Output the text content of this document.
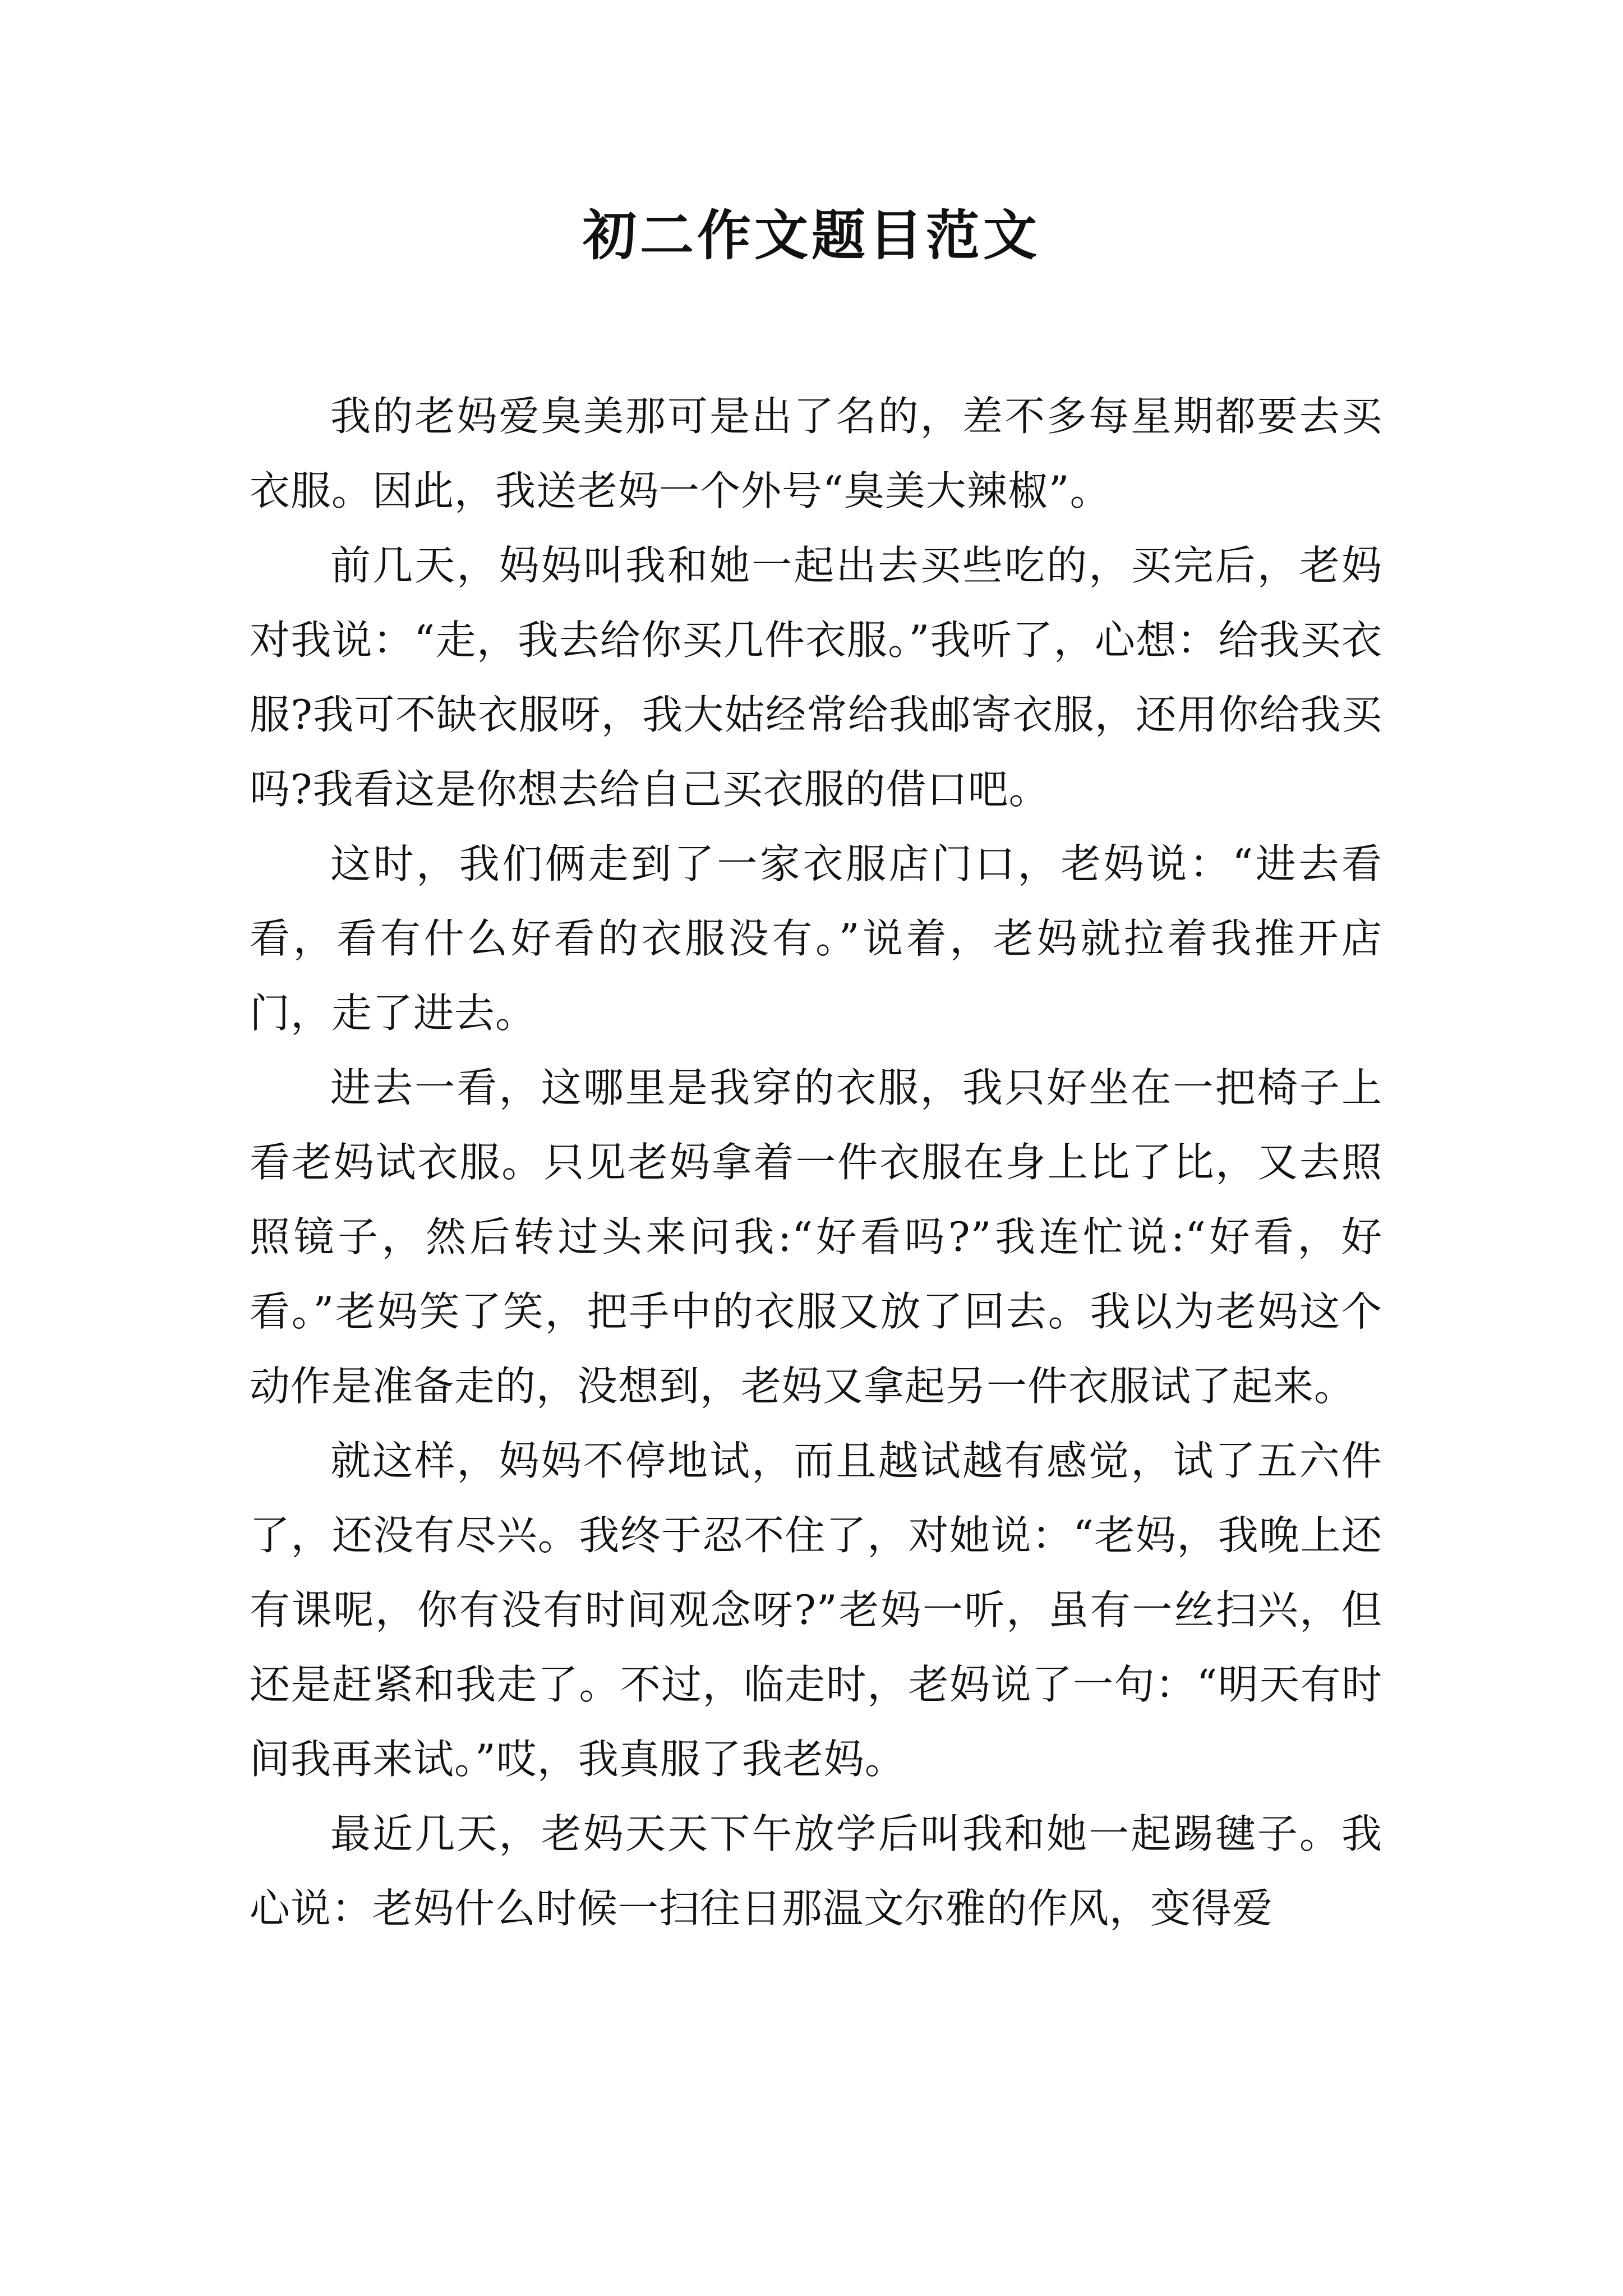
初二作文题目范文

我的老妈爱臭美那可是出了名的，差不多每星期都要去买衣服。因此，我送老妈一个外号“臭美大辣椒”。

前几天，妈妈叫我和她一起出去买些吃的，买完后，老妈对我说：“走，我去给你买几件衣服。”我听了，心想：给我买衣服?我可不缺衣服呀，我大姑经常给我邮寄衣服，还用你给我买吗?我看这是你想去给自己买衣服的借口吧。

这时，我们俩走到了一家衣服店门口，老妈说：“进去看看，看有什么好看的衣服没有。”说着，老妈就拉着我推开店门，走了进去。

进去一看，这哪里是我穿的衣服，我只好坐在一把椅子上看老妈试衣服。只见老妈拿着一件衣服在身上比了比，又去照照镜子，然后转过头来问我:“好看吗?”我连忙说:“好看，好看。”老妈笑了笑，把手中的衣服又放了回去。我以为老妈这个动作是准备走的，没想到，老妈又拿起另一件衣服试了起来。

就这样，妈妈不停地试，而且越试越有感觉，试了五六件了，还没有尽兴。我终于忍不住了，对她说：“老妈，我晚上还有课呢，你有没有时间观念呀?”老妈一听，虽有一丝扫兴，但还是赶紧和我走了。不过，临走时，老妈说了一句：“明天有时间我再来试。”哎，我真服了我老妈。

最近几天，老妈天天下午放学后叫我和她一起踢毽子。我心说：老妈什么时候一扫往日那温文尔雅的作风，变得爱
